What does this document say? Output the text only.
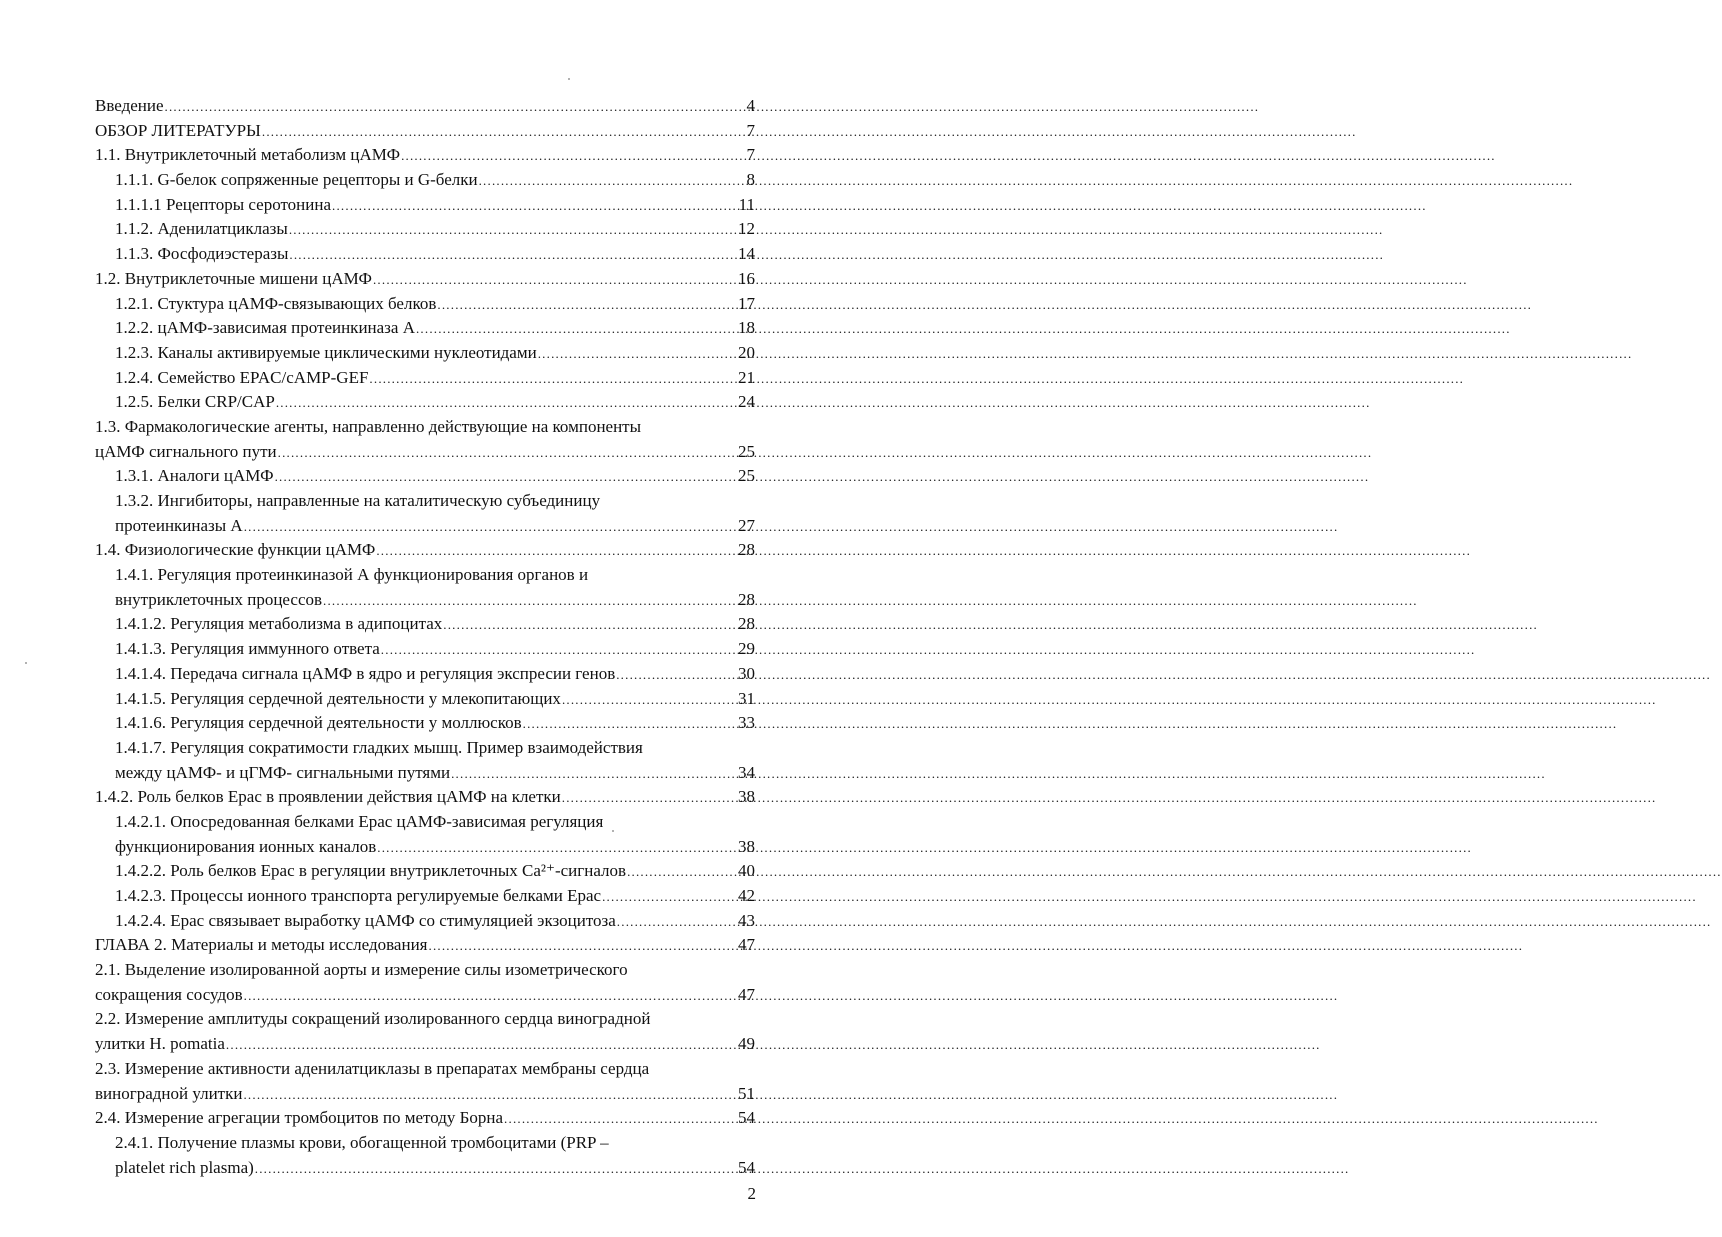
Введение .....	4
ОБЗОР ЛИТЕРАТУРЫ .....	7
1.1. Внутриклеточный метаболизм цАМФ .....	7
1.1.1. G-белок сопряженные рецепторы и G-белки .....	8
1.1.1.1 Рецепторы серотонина .....	11
1.1.2. Аденилатциклазы .....	12
1.1.3. Фосфодиэстеразы .....	14
1.2. Внутриклеточные мишени цАМФ .....	16
1.2.1. Стуктура цАМФ-связывающих белков .....	17
1.2.2. цАМФ-зависимая протеинкиназа А .....	18
1.2.3. Каналы активируемые циклическими нуклеотидами .....	20
1.2.4. Семейство EPAC/cAMP-GEF .....	21
1.2.5. Белки CRP/CAP .....	24
1.3. Фармакологические агенты, направленно действующие на компоненты
цАМФ сигнального пути .....	25
1.3.1. Аналоги цАМФ .....	25
1.3.2. Ингибиторы, направленные на каталитическую субъединицу
протеинкиназы А .....	27
1.4. Физиологические функции цАМФ .....	28
1.4.1. Регуляция протеинкиназой А функционирования органов и
внутриклеточных процессов .....	28
1.4.1.2. Регуляция метаболизма в адипоцитах .....	28
1.4.1.3. Регуляция иммунного ответа .....	29
1.4.1.4. Передача сигнала цАМФ в ядро и регуляция экспресии генов .....	30
1.4.1.5. Регуляция сердечной деятельности у млекопитающих .....	31
1.4.1.6. Регуляция сердечной деятельности у моллюсков .....	33
1.4.1.7. Регуляция сократимости гладких мышц. Пример взаимодействия
между цАМФ- и цГМФ- сигнальными путями .....	34
1.4.2. Роль белков Epac в проявлении действия цАМФ на клетки .....	38
1.4.2.1. Опосредованная белками Epac цАМФ-зависимая регуляция
функционирования ионных каналов .....	38
1.4.2.2. Роль белков Epac в регуляции внутриклеточных Ca²⁺-сигналов .....	40
1.4.2.3. Процессы ионного транспорта регулируемые белками Epac .....	42
1.4.2.4. Epac связывает выработку цАМФ со стимуляцией экзоцитоза .....	43
ГЛАВА 2. Материалы и методы исследования .....	47
2.1. Выделение изолированной аорты и измерение силы изометрического
сокращения сосудов .....	47
2.2. Измерение амплитуды сокращений изолированного сердца виноградной
улитки H. pomatia .....	49
2.3. Измерение активности аденилатциклазы в препаратах мембраны сердца
виноградной улитки .....	51
2.4. Измерение агрегации тромбоцитов по методу Борна .....	54
2.4.1. Получение плазмы крови, обогащенной тромбоцитами (PRP –
platelet rich plasma) .....	54
2
